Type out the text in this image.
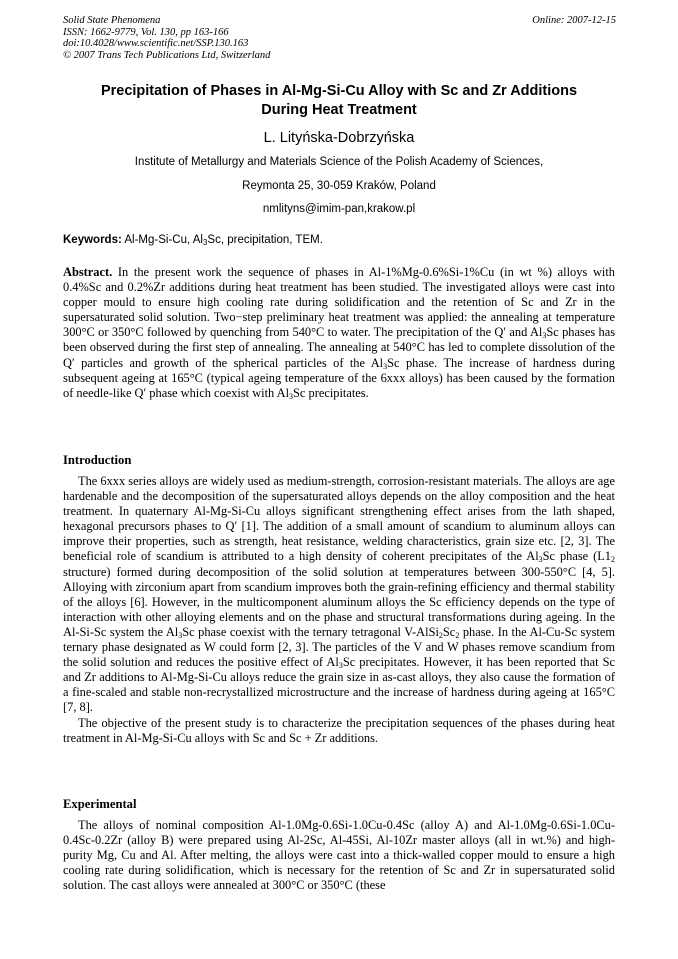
Solid State Phenomena
ISSN: 1662-9779, Vol. 130, pp 163-166
doi:10.4028/www.scientific.net/SSP.130.163
© 2007 Trans Tech Publications Ltd, Switzerland
Online: 2007-12-15
Precipitation of Phases in Al-Mg-Si-Cu Alloy with Sc and Zr Additions
During Heat Treatment
L. Lityńska-Dobrzyńska
Institute of Metallurgy and Materials Science of the Polish Academy of Sciences,
Reymonta 25, 30-059 Kraków, Poland
nmlityns@imim-pan,krakow.pl
Keywords: Al-Mg-Si-Cu, $Al_3Sc$, precipitation, TEM.

Abstract. In the present work the sequence of phases in Al-1%Mg-0.6%Si-1%Cu (in wt %) alloys with 0.4%Sc and 0.2%Zr additions during heat treatment has been studied. The investigated alloys were cast into copper mould to ensure high cooling rate during solidification and the retention of Sc and Zr in the supersaturated solid solution. Two−step preliminary heat treatment was applied: the annealing at temperature 300°C or 350°C followed by quenching from 540°C to water. The precipitation of the Q′ and $Al_3Sc$ phases has been observed during the first step of annealing. The annealing at 540°C has led to complete dissolution of the Q′ particles and growth of the spherical particles of the $Al_3Sc$ phase. The increase of hardness during subsequent ageing at 165°C (typical ageing temperature of the 6xxx alloys) has been caused by the formation of needle-like Q′ phase which coexist with $Al_3Sc$ precipitates.

Introduction

The 6xxx series alloys are widely used as medium-strength, corrosion-resistant materials. The alloys are age hardenable and the decomposition of the supersaturated alloys depends on the alloy composition and the heat treatment. In quaternary Al-Mg-Si-Cu alloys significant strengthening effect arises from the lath shaped, hexagonal precursors phases to Q′ [1]. The addition of a small amount of scandium to aluminum alloys can improve their properties, such as strength, heat resistance, welding characteristics, grain size etc. [2, 3]. The beneficial role of scandium is attributed to a high density of coherent precipitates of the $Al_3Sc$ phase ($L1_2$ structure) formed during decomposition of the solid solution at temperatures between 300-550°C [4, 5]. Alloying with zirconium apart from scandium improves both the grain-refining efficiency and thermal stability of the alloys [6]. However, in the multicomponent aluminum alloys the Sc efficiency depends on the type of interaction with other alloying elements and on the phase and structural transformations during ageing. In the Al-Si-Sc system the $Al_3Sc$ phase coexist with the ternary tetragonal $V-AlSi_2Sc_2$ phase. In the Al-Cu-Sc system ternary phase designated as W could form [2, 3]. The particles of the V and W phases remove scandium from the solid solution and reduces the positive effect of $Al_3Sc$ precipitates. However, it has been reported that Sc and Zr additions to Al-Mg-Si-Cu alloys reduce the grain size in as-cast alloys, they also cause the formation of a fine-scaled and stable non-recrystallized microstructure and the increase of hardness during ageing at 165°C [7, 8].

The objective of the present study is to characterize the precipitation sequences of the phases during heat treatment in Al-Mg-Si-Cu alloys with Sc and Sc + Zr additions.

Experimental

The alloys of nominal composition Al-1.0Mg-0.6Si-1.0Cu-0.4Sc (alloy A) and Al-1.0Mg-0.6Si-1.0Cu-0.4Sc-0.2Zr (alloy B) were prepared using Al-2Sc, Al-45Si, Al-10Zr master alloys (all in wt.%) and high-purity Mg, Cu and Al. After melting, the alloys were cast into a thick-walled copper mould to ensure a high cooling rate during solidification, which is necessary for the retention of Sc and Zr in supersaturated solid solution. The cast alloys were annealed at 300°C or 350°C (these
